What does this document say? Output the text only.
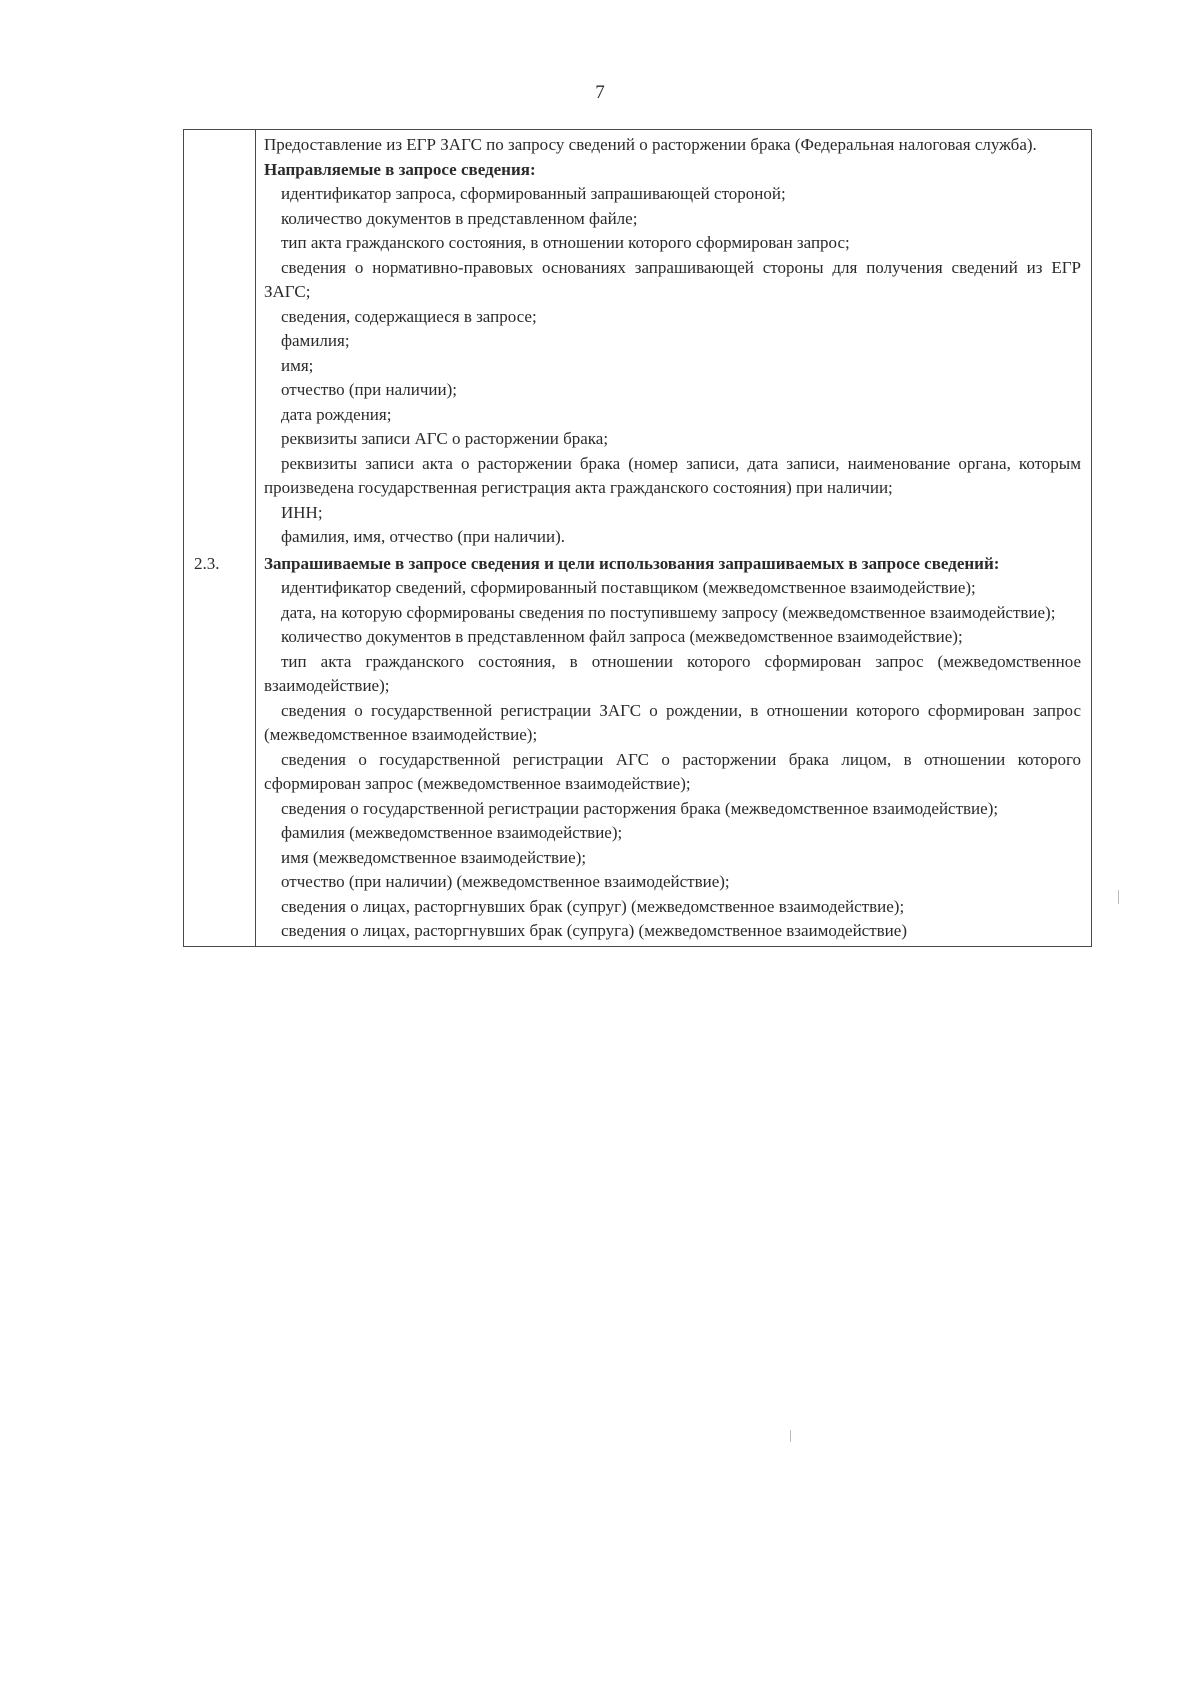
7

Предоставление из ЕГР ЗАГС по запросу сведений о расторжении брака (Федеральная налоговая служба).

Направляемые в запросе сведения:

идентификатор запроса, сформированный запрашивающей стороной;

количество документов в представленном файле;

тип акта гражданского состояния, в отношении которого сформирован запрос;

сведения о нормативно-правовых основаниях запрашивающей стороны для получения сведений из ЕГР ЗАГС;

сведения, содержащиеся в запросе;

фамилия;

имя;

отчество (при наличии);

дата рождения;

реквизиты записи АГС о расторжении брака;

реквизиты записи акта о расторжении брака (номер записи, дата записи, наименование органа, которым произведена государственная регистрация акта гражданского состояния) при наличии;

ИНН;

фамилия, имя, отчество (при наличии).

2.3.	Запрашиваемые в запросе сведения и цели использования запрашиваемых в запросе сведений:

идентификатор сведений, сформированный поставщиком (межведомственное взаимодействие);

дата, на которую сформированы сведения по поступившему запросу (межведомственное взаимодействие);

количество документов в представленном файл запроса (межведомственное взаимодействие);

тип акта гражданского состояния, в отношении которого сформирован запрос (межведомственное взаимодействие);

сведения о государственной регистрации ЗАГС о рождении, в отношении которого сформирован запрос (межведомственное взаимодействие);

сведения о государственной регистрации АГС о расторжении брака лицом, в отношении которого сформирован запрос (межведомственное взаимодействие);

сведения о государственной регистрации расторжения брака (межведомственное взаимодействие);

фамилия (межведомственное взаимодействие);

имя (межведомственное взаимодействие);

отчество (при наличии) (межведомственное взаимодействие);

сведения о лицах, расторгнувших брак (супруг) (межведомственное взаимодействие);

сведения о лицах, расторгнувших брак (супруга) (межведомственное взаимодействие)
